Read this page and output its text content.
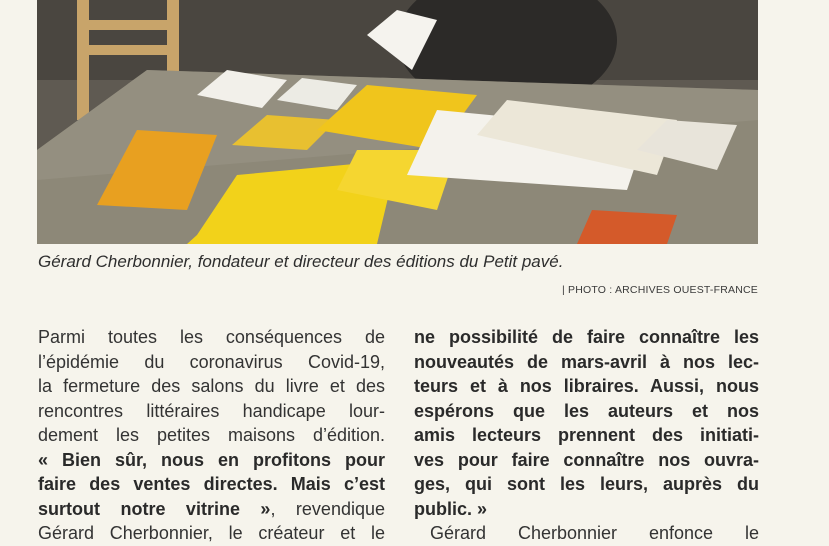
Gérard Cherbonnier, fondateur et directeur des éditions du Petit pavé.
| PHOTO : ARCHIVES OUEST-FRANCE
Parmi toutes les conséquences de
l’épidémie du coronavirus Covid-19,
la fermeture des salons du livre et des
rencontres littéraires handicape lour-
dement les petites maisons d’édition.
« Bien sûr, nous en profitons pour
faire des ventes directes. Mais c’est
surtout notre vitrine », revendique
Gérard Cherbonnier, le créateur et le
ne possibilité de faire connaître les
nouveautés de mars-avril à nos lec-
teurs et à nos libraires. Aussi, nous
espérons que les auteurs et nos
amis lecteurs prennent des initiati-
ves pour faire connaître nos ouvra-
ges, qui sont les leurs, auprès du
public. »
Gérard Cherbonnier enfonce le
